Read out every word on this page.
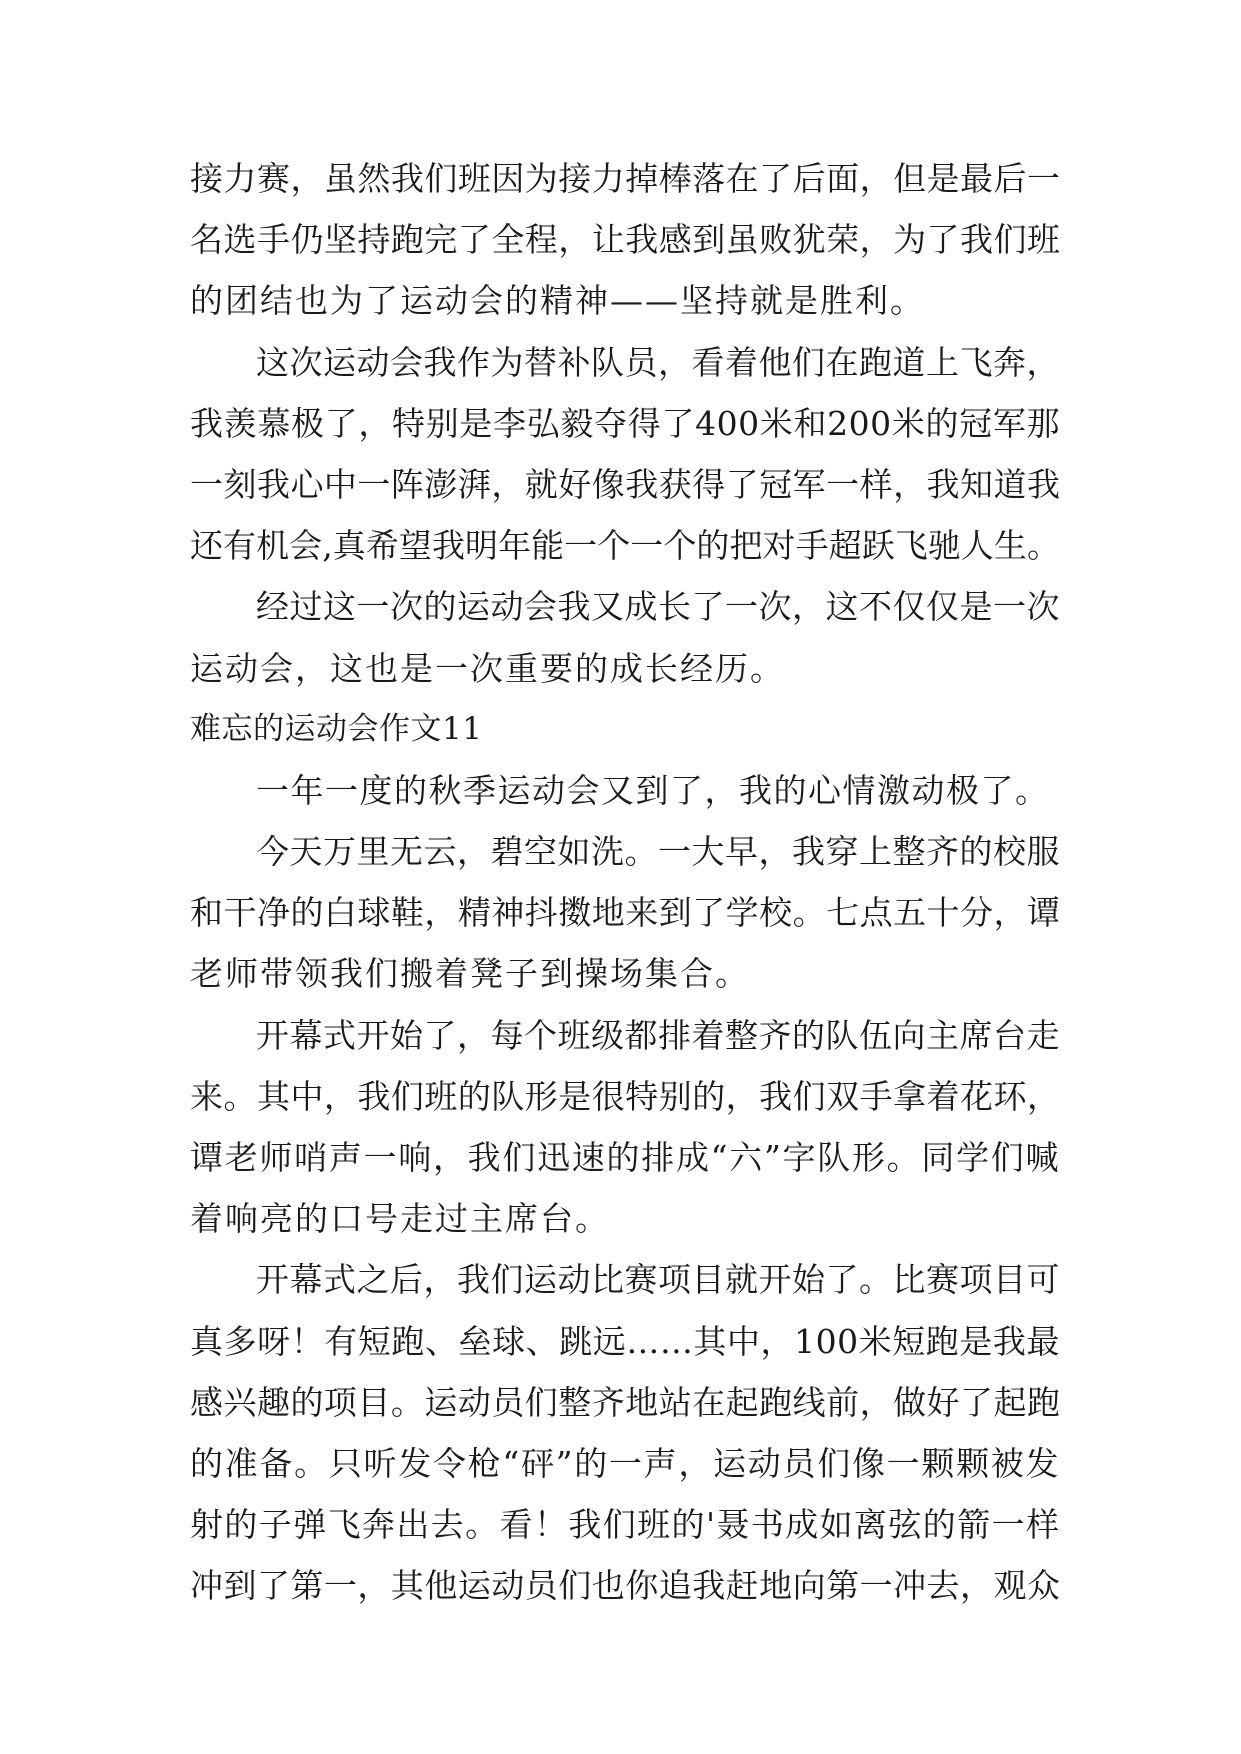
接力赛，虽然我们班因为接力掉棒落在了后面，但是最后一
名选手仍坚持跑完了全程，让我感到虽败犹荣，为了我们班
的团结也为了运动会的精神——坚持就是胜利。
这次运动会我作为替补队员，看着他们在跑道上飞奔，
我羡慕极了，特别是李弘毅夺得了400米和200米的冠军那
一刻我心中一阵澎湃，就好像我获得了冠军一样，我知道我
还有机会,真希望我明年能一个一个的把对手超跃飞驰人生。
经过这一次的运动会我又成长了一次，这不仅仅是一次
运动会，这也是一次重要的成长经历。
难忘的运动会作文11
一年一度的秋季运动会又到了，我的心情激动极了。
今天万里无云，碧空如洗。一大早，我穿上整齐的校服
和干净的白球鞋，精神抖擞地来到了学校。七点五十分，谭
老师带领我们搬着凳子到操场集合。
开幕式开始了，每个班级都排着整齐的队伍向主席台走
来。其中，我们班的队形是很特别的，我们双手拿着花环，
谭老师哨声一响，我们迅速的排成“六”字队形。同学们喊
着响亮的口号走过主席台。
开幕式之后，我们运动比赛项目就开始了。比赛项目可
真多呀！有短跑、垒球、跳远……其中，100米短跑是我最
感兴趣的项目。运动员们整齐地站在起跑线前，做好了起跑
的准备。只听发令枪“砰”的一声，运动员们像一颗颗被发
射的子弹飞奔出去。看！我们班的'聂书成如离弦的箭一样
冲到了第一，其他运动员们也你追我赶地向第一冲去，观众
